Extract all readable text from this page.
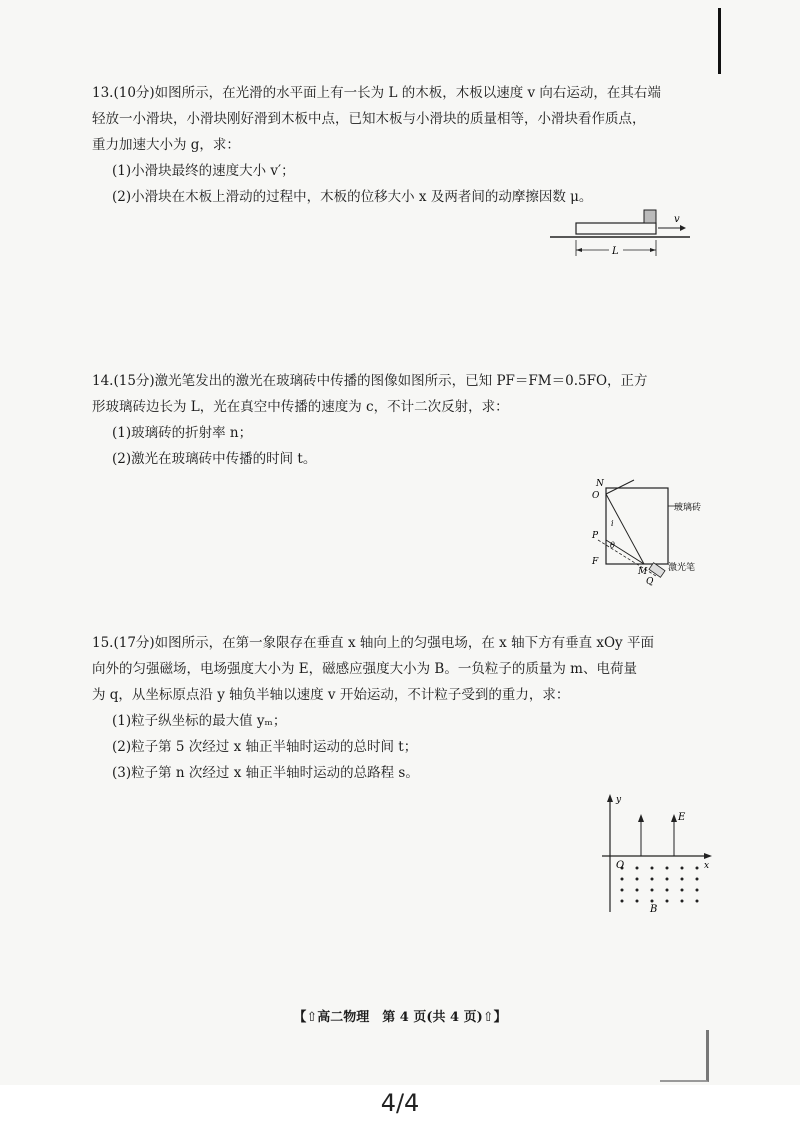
13.(10分)如图所示，在光滑的水平面上有一长为 L 的木板，木板以速度 v 向右运动，在其右端
轻放一小滑块，小滑块刚好滑到木板中点，已知木板与小滑块的质量相等，小滑块看作质点，
重力加速大小为 g，求：
(1)小滑块最终的速度大小 v′；
(2)小滑块在木板上滑动的过程中，木板的位移大小 x 及两者间的动摩擦因数 μ。
v
L
14.(15分)激光笔发出的激光在玻璃砖中传播的图像如图所示，已知 PF＝FM＝0.5FO，正方
形玻璃砖边长为 L，光在真空中传播的速度为 c，不计二次反射，求：
(1)玻璃砖的折射率 n；
(2)激光在玻璃砖中传播的时间 t。
N
O
P
F
M
Q
i
θ
玻璃砖
激光笔
15.(17分)如图所示，在第一象限存在垂直 x 轴向上的匀强电场，在 x 轴下方有垂直 xOy 平面
向外的匀强磁场，电场强度大小为 E，磁感应强度大小为 B。一负粒子的质量为 m、电荷量
为 q，从坐标原点沿 y 轴负半轴以速度 v 开始运动，不计粒子受到的重力，求：
(1)粒子纵坐标的最大值 yₘ；
(2)粒子第 5 次经过 x 轴正半轴时运动的总时间 t；
(3)粒子第 n 次经过 x 轴正半轴时运动的总路程 s。
y
x
O
E
B
【⇧高二物理　第 4 页(共 4 页)⇧】
4/4
